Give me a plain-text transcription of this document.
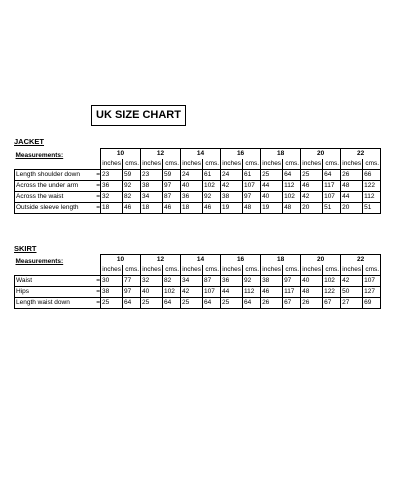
UK SIZE CHART
JACKET
Measurements:		10		12		14		16		18		20		22	
		inches	cms.	inches	cms.	inches	cms.	inches	cms.	inches	cms.	inches	cms.	inches	cms.
Length shoulder down	=	23	59	23	59	24	61	24	61	25	64	25	64	26	66
Across the under arm	=	36	92	38	97	40	102	42	107	44	112	46	117	48	122
Across the waist	=	32	82	34	87	36	92	38	97	40	102	42	107	44	112
Outside sleeve length	=	18	46	18	46	18	46	19	48	19	48	20	51	20	51
SKIRT
Measurements:		10		12		14		16		18		20		22	
		inches	cms.	inches	cms.	inches	cms.	inches	cms.	inches	cms.	inches	cms.	inches	cms.
Waist	=	30	77	32	82	34	87	36	92	38	97	40	102	42	107
Hips	=	38	97	40	102	42	107	44	112	46	117	48	122	50	127
Length waist down	=	25	64	25	64	25	64	25	64	26	67	26	67	27	69
